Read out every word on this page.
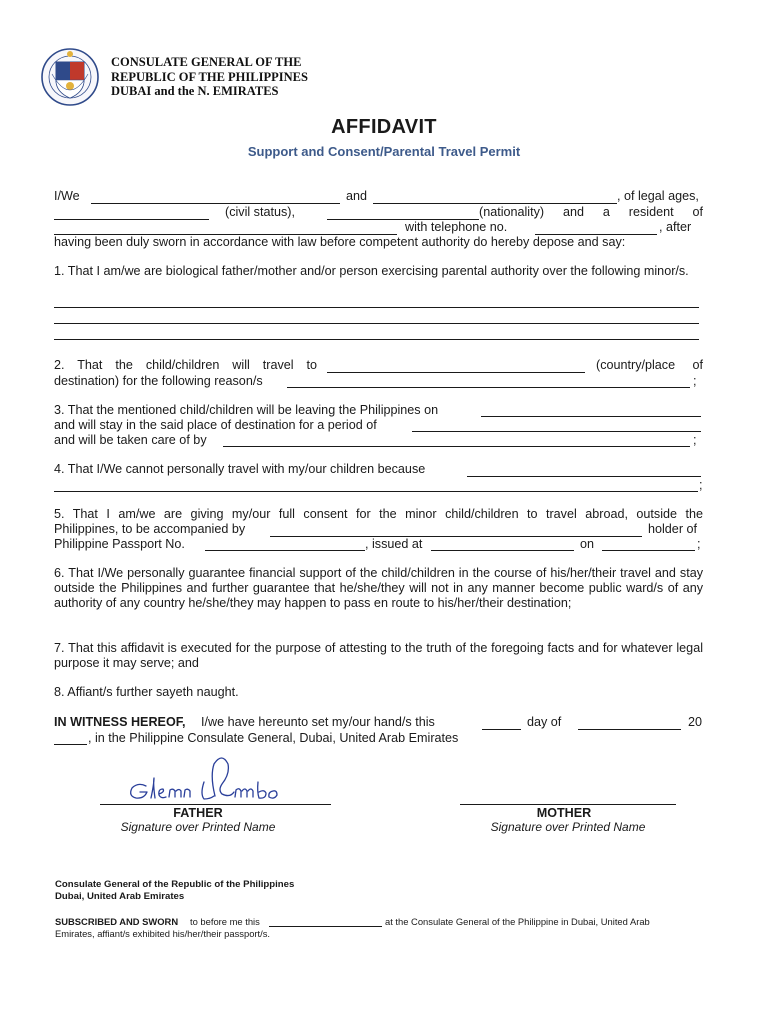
CONSULATE GENERAL OF THE
REPUBLIC OF THE PHILIPPINES
DUBAI and the N. EMIRATES
AFFIDAVIT
Support and Consent/Parental Travel Permit
I/We	and	, of legal ages,
(civil status),	(nationality) and a resident of
with telephone no.	, after
having been duly sworn in accordance with law before competent authority do hereby depose and say:
1. That I am/we are biological father/mother and/or person exercising parental authority over the following minor/s.
2. That the child/children will travel to	(country/place of
destination) for the following reason/s	;
3. That the mentioned child/children will be leaving the Philippines on
and will stay in the said place of destination for a period of
and will be taken care of by	;
4. That I/We cannot personally travel with my/our children because
;
5. That I am/we are giving my/our full consent for the minor child/children to travel abroad, outside the
Philippines, to be accompanied by	holder of
Philippine Passport No.	, issued at	on	;
6. That I/We personally guarantee financial support of the child/children in the course of his/her/their travel and stay outside the Philippines and further guarantee that he/she/they will not in any manner become public ward/s of any authority of any country he/she/they may happen to pass en route to his/her/their destination;
7. That this affidavit is executed for the purpose of attesting to the truth of the foregoing facts and for whatever legal purpose it may serve; and
8. Affiant/s further sayeth naught.
IN WITNESS HEREOF, I/we have hereunto set my/our hand/s this	day of	20
, in the Philippine Consulate General, Dubai, United Arab Emirates
FATHER
Signature over Printed Name
MOTHER
Signature over Printed Name
Consulate General of the Republic of the Philippines
Dubai, United Arab Emirates
SUBSCRIBED AND SWORN to before me this	at the Consulate General of the Philippine in Dubai, United Arab
Emirates, affiant/s exhibited his/her/their passport/s.
